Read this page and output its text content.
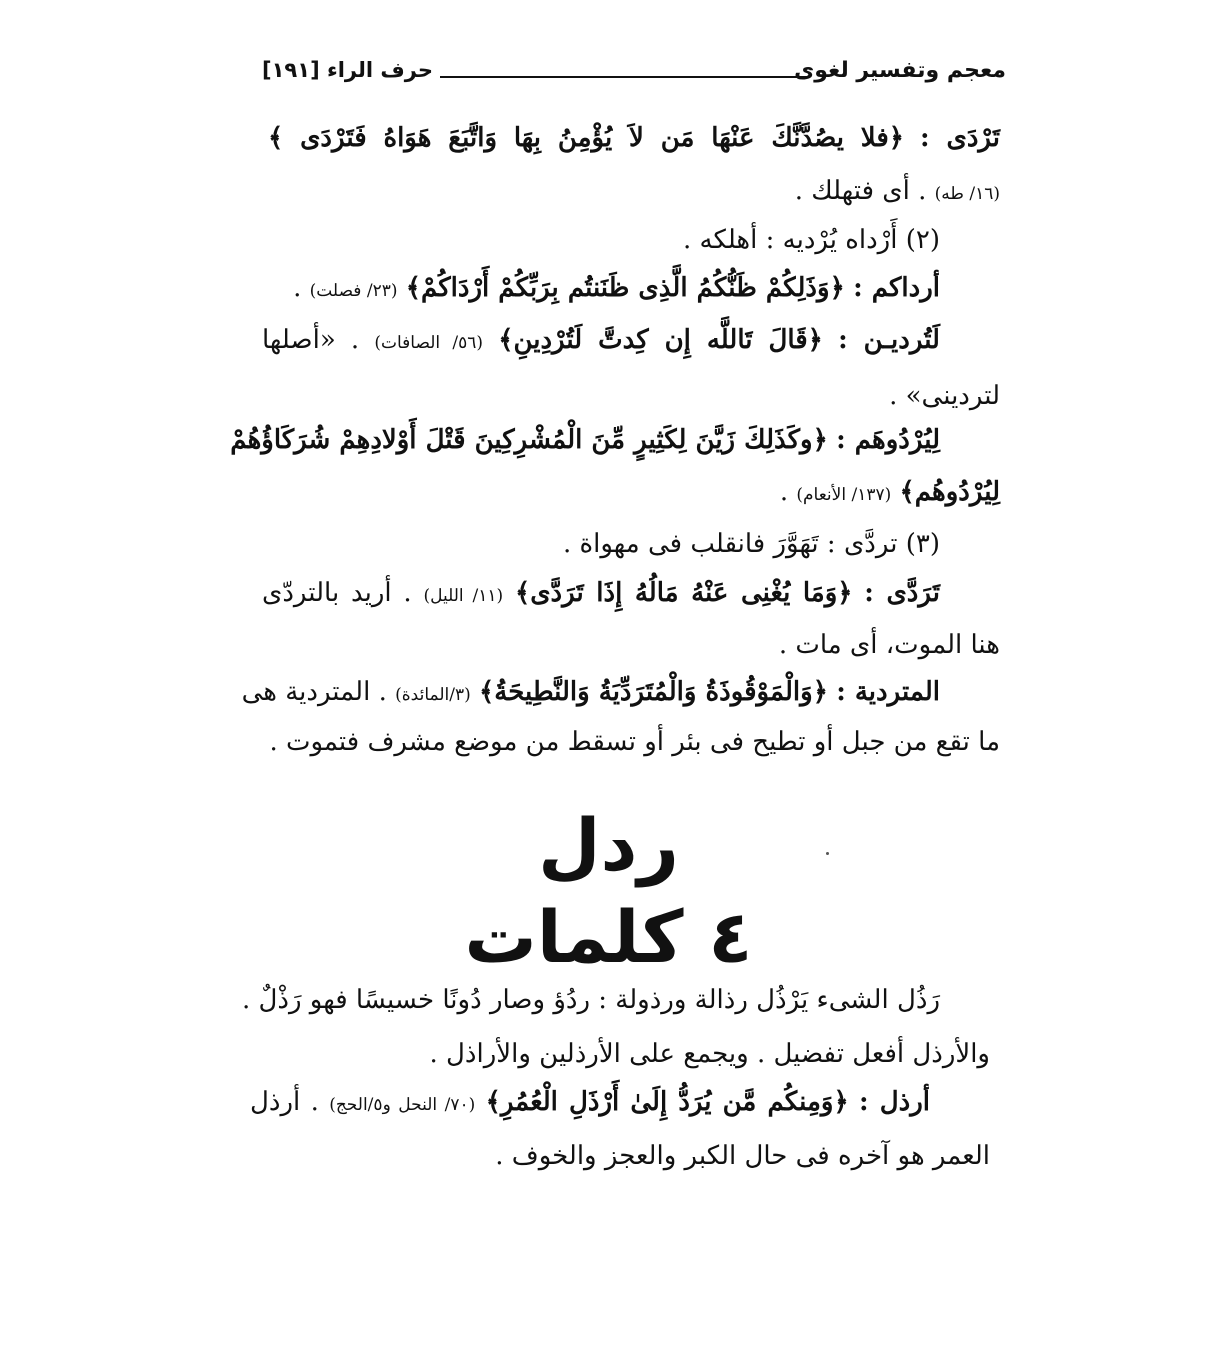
معجم وتفسير لغوى
حرف الراء [١٩١]
تَرْدَى : ﴿فلا يصُدَّنَّكَ عَنْهَا مَن لاَ يُؤْمِنُ بِهَا وَاتَّبَعَ هَوَاهُ فَتَرْدَى ﴾
(١٦/ طه) . أى فتهلك .
(٢) أَرْداه يُرْديه : أهلكه .
أرداكم : ﴿وَذَلِكُمْ ظَنُّكُمُ الَّذِى ظَنَنتُم بِرَبِّكُمْ أَرْدَاكُمْ﴾ (٢٣/ فصلت) .
لَتُرديـن : ﴿قَالَ تَاللَّه إِن كِدتَّ لَتُرْدِينِ﴾ (٥٦/ الصافات) . «أصلها
لتردينى» .
لِيُرْدُوهَم : ﴿وكَذَلِكَ زَيَّنَ لِكَثِيرٍ مِّنَ الْمُشْرِكِينَ قَتْلَ أَوْلادِهِمْ شُرَكَاؤُهُمْ
لِيُرْدُوهُم﴾ (١٣٧/ الأنعام) .
(٣) تردَّى : تَهَوَّرَ فانقلب فى مهواة .
تَرَدَّى : ﴿وَمَا يُغْنِى عَنْهُ مَالُهُ إِذَا تَرَدَّى﴾ (١١/ الليل) . أريد بالتردّى
هنا الموت، أى مات .
المتردية : ﴿وَالْمَوْقُوذَةُ وَالْمُتَرَدِّيَةُ وَالنَّطِيحَةُ﴾ (٣/المائدة) . المتردية هى
ما تقع من جبل أو تطيح فى بئر أو تسقط من موضع مشرف فتموت .
ردل
٤ كلمات
رَذُل الشىء يَرْذُل رذالة ورذولة : ردُؤ وصار دُونًا خسيسًا فهو رَذْلٌ .
والأرذل أفعل تفضيل . ويجمع على الأرذلين والأراذل .
أرذل : ﴿وَمِنكُم مَّن يُرَدُّ إِلَىٰ أَرْذَلِ الْعُمُرِ﴾ (٧٠/ النحل و٥/الحج) . أرذل
العمر هو آخره فى حال الكبر والعجز والخوف .
